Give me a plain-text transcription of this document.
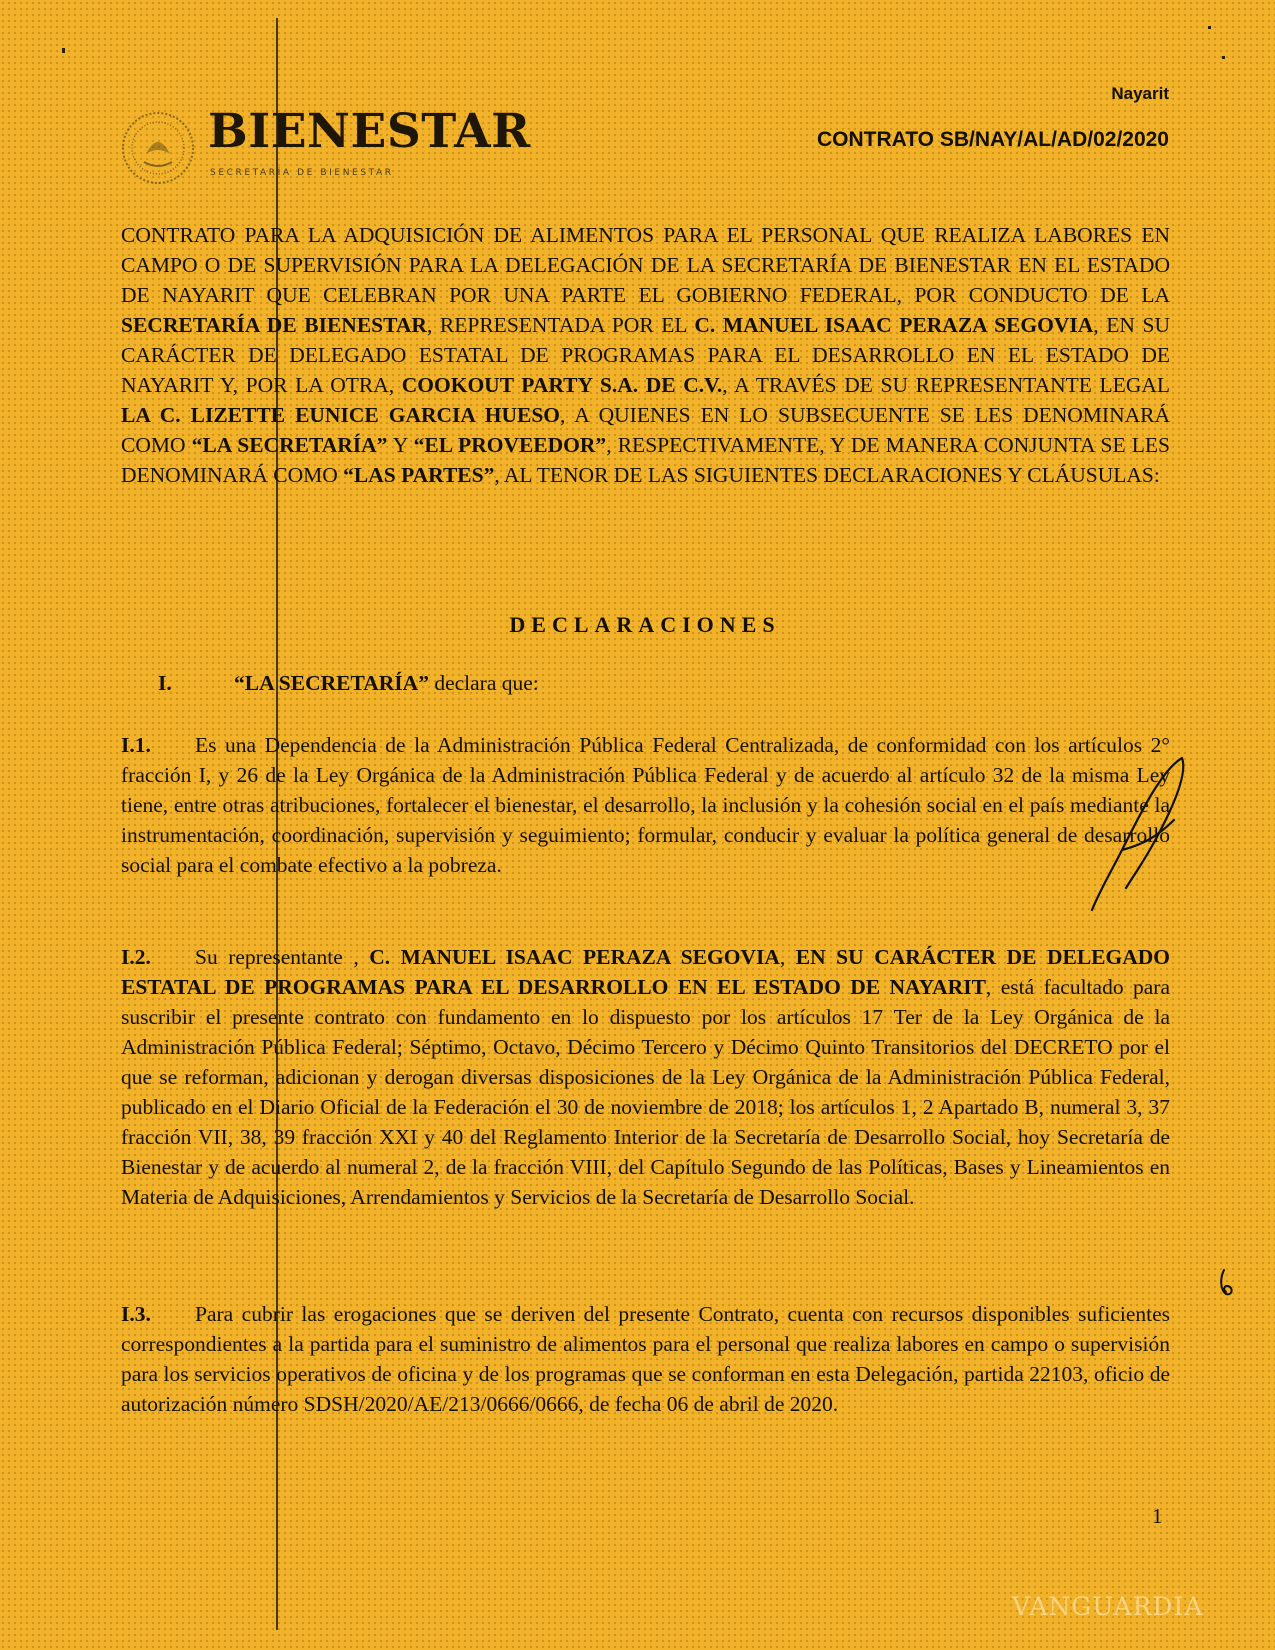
BIENESTAR
SECRETARÍA DE BIENESTAR
Nayarit
CONTRATO SB/NAY/AL/AD/02/2020

CONTRATO PARA LA ADQUISICIÓN DE ALIMENTOS PARA EL PERSONAL QUE REALIZA LABORES EN CAMPO O DE SUPERVISIÓN PARA LA DELEGACIÓN DE LA SECRETARÍA DE BIENESTAR EN EL ESTADO DE NAYARIT QUE CELEBRAN POR UNA PARTE EL GOBIERNO FEDERAL, POR CONDUCTO DE LA SECRETARÍA DE BIENESTAR, REPRESENTADA POR EL C. MANUEL ISAAC PERAZA SEGOVIA, EN SU CARÁCTER DE DELEGADO ESTATAL DE PROGRAMAS PARA EL DESARROLLO EN EL ESTADO DE NAYARIT Y, POR LA OTRA, COOKOUT PARTY S.A. DE C.V., A TRAVÉS DE SU REPRESENTANTE LEGAL LA C. LIZETTE EUNICE GARCIA HUESO, A QUIENES EN LO SUBSECUENTE SE LES DENOMINARÁ COMO “LA SECRETARÍA” Y “EL PROVEEDOR”, RESPECTIVAMENTE, Y DE MANERA CONJUNTA SE LES DENOMINARÁ COMO “LAS PARTES”, AL TENOR DE LAS SIGUIENTES DECLARACIONES Y CLÁUSULAS:

DECLARACIONES
I.	“LA SECRETARÍA” declara que:

I.1. Es una Dependencia de la Administración Pública Federal Centralizada, de conformidad con los artículos 2° fracción I, y 26 de la Ley Orgánica de la Administración Pública Federal y de acuerdo al artículo 32 de la misma Ley tiene, entre otras atribuciones, fortalecer el bienestar, el desarrollo, la inclusión y la cohesión social en el país mediante la instrumentación, coordinación, supervisión y seguimiento; formular, conducir y evaluar la política general de desarrollo social para el combate efectivo a la pobreza.

I.2. Su representante , C. MANUEL ISAAC PERAZA SEGOVIA, EN SU CARÁCTER DE DELEGADO ESTATAL DE PROGRAMAS PARA EL DESARROLLO EN EL ESTADO DE NAYARIT, está facultado para suscribir el presente contrato con fundamento en lo dispuesto por los artículos 17 Ter de la Ley Orgánica de la Administración Pública Federal; Séptimo, Octavo, Décimo Tercero y Décimo Quinto Transitorios del DECRETO por el que se reforman, adicionan y derogan diversas disposiciones de la Ley Orgánica de la Administración Pública Federal, publicado en el Diario Oficial de la Federación el 30 de noviembre de 2018; los artículos 1, 2 Apartado B, numeral 3, 37 fracción VII, 38, 39 fracción XXI y 40 del Reglamento Interior de la Secretaría de Desarrollo Social, hoy Secretaría de Bienestar y de acuerdo al numeral 2, de la fracción VIII, del Capítulo Segundo de las Políticas, Bases y Lineamientos en Materia de Adquisiciones, Arrendamientos y Servicios de la Secretaría de Desarrollo Social.

I.3. Para cubrir las erogaciones que se deriven del presente Contrato, cuenta con recursos disponibles suficientes correspondientes a la partida para el suministro de alimentos para el personal que realiza labores en campo o supervisión para los servicios operativos de oficina y de los programas que se conforman en esta Delegación, partida 22103, oficio de autorización número SDSH/2020/AE/213/0666/0666, de fecha 06 de abril de 2020.

1
VANGUARDIA
